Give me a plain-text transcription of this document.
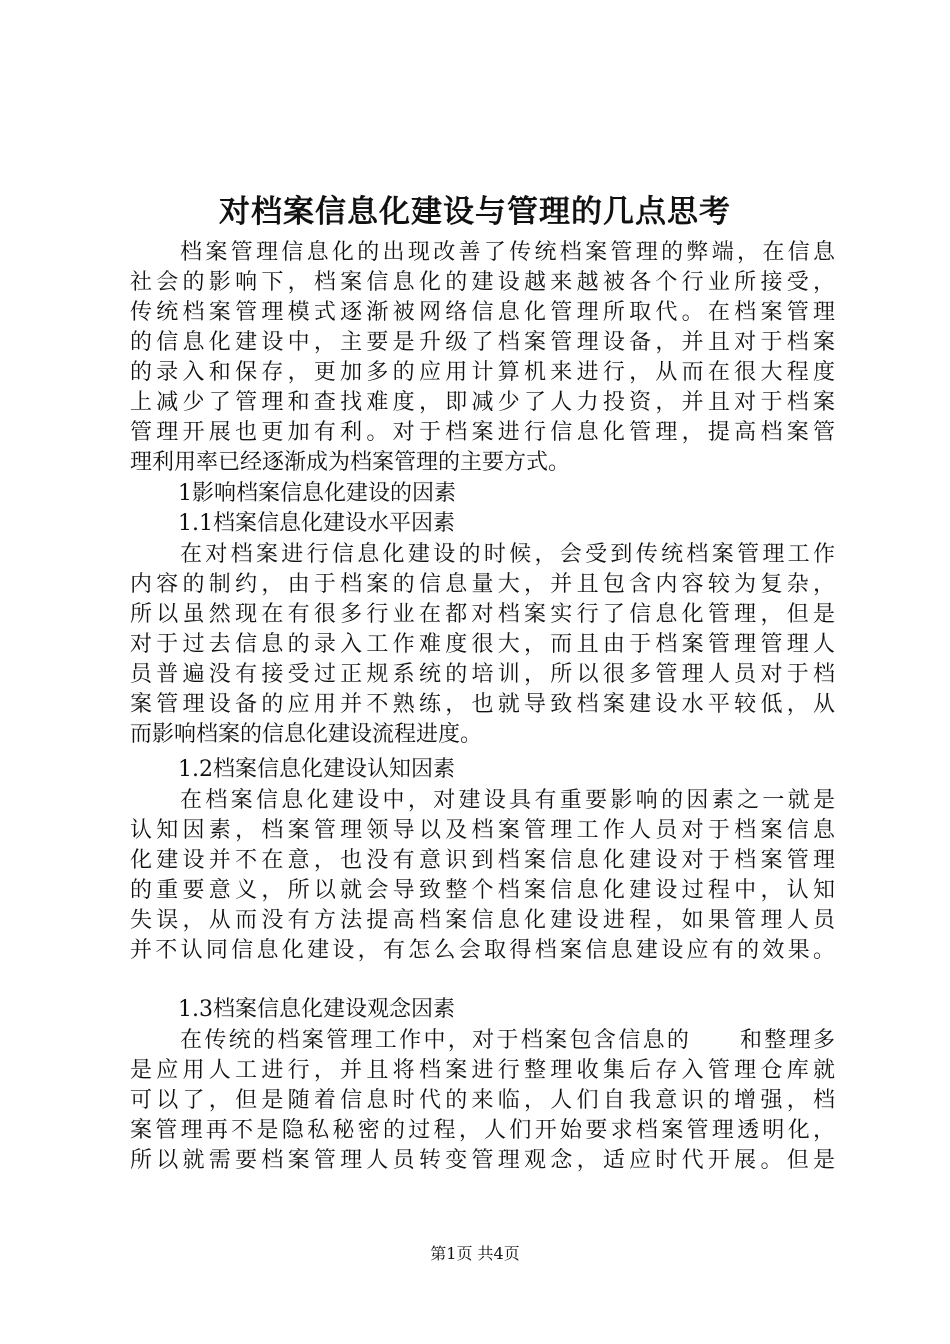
对档案信息化建设与管理的几点思考

档案管理信息化的出现改善了传统档案管理的弊端，在信息

社会的影响下，档案信息化的建设越来越被各个行业所接受，

传统档案管理模式逐渐被网络信息化管理所取代。在档案管理

的信息化建设中，主要是升级了档案管理设备，并且对于档案

的录入和保存，更加多的应用计算机来进行，从而在很大程度

上减少了管理和查找难度，即减少了人力投资，并且对于档案

管理开展也更加有利。对于档案进行信息化管理，提高档案管

理利用率已经逐渐成为档案管理的主要方式。

1影响档案信息化建设的因素

1.1档案信息化建设水平因素

在对档案进行信息化建设的时候，会受到传统档案管理工作

内容的制约，由于档案的信息量大，并且包含内容较为复杂，

所以虽然现在有很多行业在都对档案实行了信息化管理，但是

对于过去信息的录入工作难度很大，而且由于档案管理管理人

员普遍没有接受过正规系统的培训，所以很多管理人员对于档

案管理设备的应用并不熟练，也就导致档案建设水平较低，从

而影响档案的信息化建设流程进度。

1.2档案信息化建设认知因素

在档案信息化建设中，对建设具有重要影响的因素之一就是

认知因素，档案管理领导以及档案管理工作人员对于档案信息

化建设并不在意，也没有意识到档案信息化建设对于档案管理

的重要意义，所以就会导致整个档案信息化建设过程中，认知

失误，从而没有方法提高档案信息化建设进程，如果管理人员

并不认同信息化建设，有怎么会取得档案信息建设应有的效果。

1.3档案信息化建设观念因素

在传统的档案管理工作中，对于档案包含信息的　　和整理多

是应用人工进行，并且将档案进行整理收集后存入管理仓库就

可以了，但是随着信息时代的来临，人们自我意识的增强，档

案管理再不是隐私秘密的过程，人们开始要求档案管理透明化，

所以就需要档案管理人员转变管理观念，适应时代开展。但是

第1页 共4页
